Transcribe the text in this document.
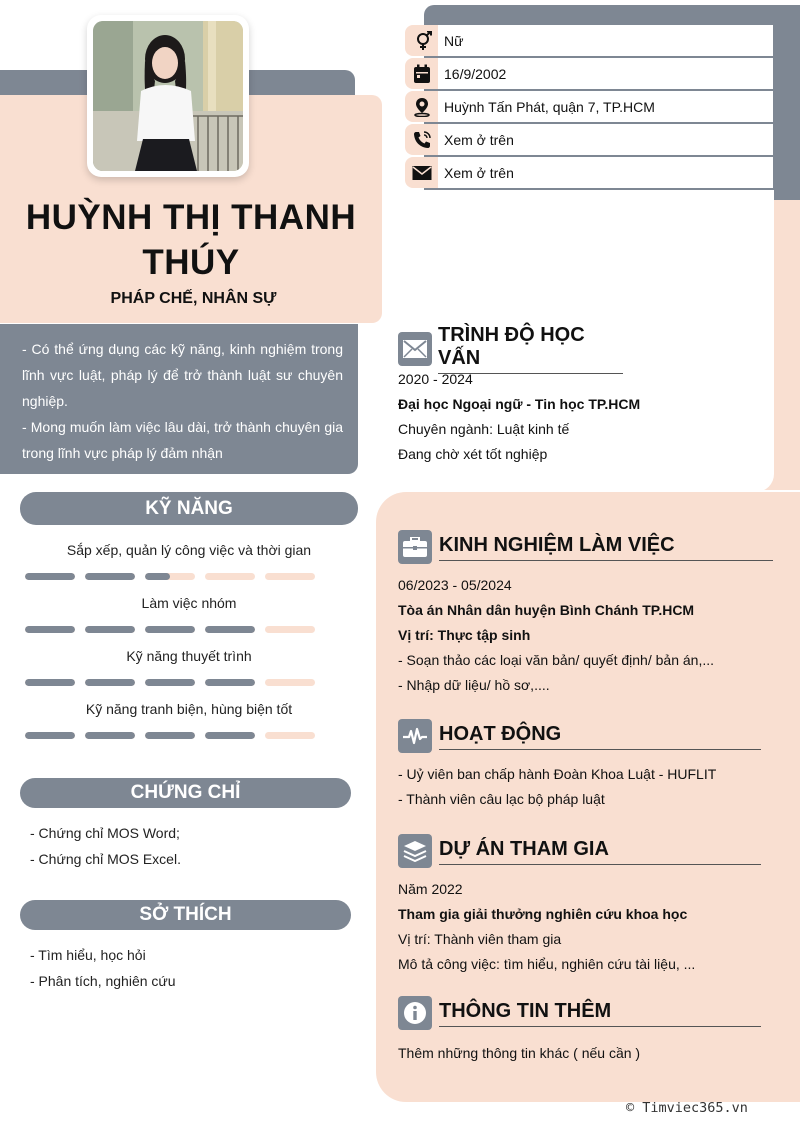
HUỲNH THỊ THANH
THÚY
PHÁP CHẾ, NHÂN SỰ
- Có thể ứng dụng các kỹ năng, kinh nghiệm trong lĩnh vực luật, pháp lý để trở thành luật sư chuyên nghiệp.
- Mong muốn làm việc lâu dài, trở thành chuyên gia trong lĩnh vực pháp lý đảm nhận
Nữ
16/9/2002
Huỳnh Tấn Phát, quận 7, TP.HCM
Xem ở trên
Xem ở trên
KỸ NĂNG
Sắp xếp, quản lý công việc và thời gian
Làm việc nhóm
Kỹ năng thuyết trình
Kỹ năng tranh biện, hùng biện tốt
CHỨNG CHỈ
- Chứng chỉ MOS Word;
- Chứng chỉ MOS Excel.
SỞ THÍCH
- Tìm hiểu, học hỏi
- Phân tích, nghiên cứu
TRÌNH ĐỘ HỌC VẤN
2020 - 2024
Đại học Ngoại ngữ - Tin học TP.HCM
Chuyên ngành: Luật kinh tế
Đang chờ xét tốt nghiệp
KINH NGHIỆM LÀM VIỆC
06/2023 - 05/2024
Tòa án Nhân dân huyện Bình Chánh TP.HCM
Vị trí: Thực tập sinh
- Soạn thảo các loại văn bản/ quyết định/ bản án,...
- Nhập dữ liệu/ hồ sơ,....
HOẠT ĐỘNG
- Uỷ viên ban chấp hành Đoàn Khoa Luật - HUFLIT
- Thành viên câu lạc bộ pháp luật
DỰ ÁN THAM GIA
Năm 2022
Tham gia giải thưởng nghiên cứu khoa học
Vị trí: Thành viên tham gia
Mô tả công việc: tìm hiểu, nghiên cứu tài liệu, ...
THÔNG TIN THÊM
Thêm những thông tin khác ( nếu cần )
© Timviec365.vn
